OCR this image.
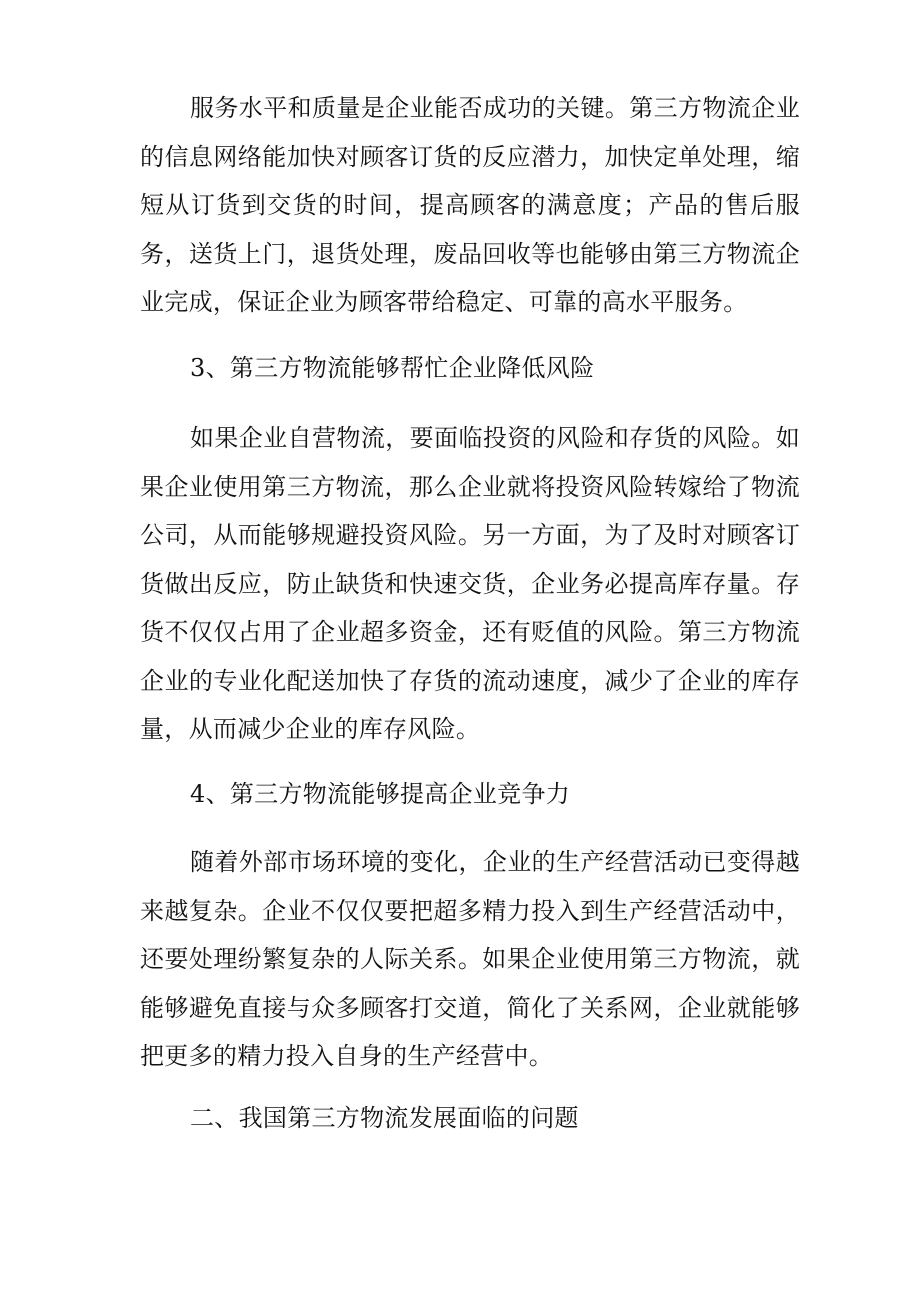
服务水平和质量是企业能否成功的关键。第三方物流企业的信息网络能加快对顾客订货的反应潜力，加快定单处理，缩短从订货到交货的时间，提高顾客的满意度；产品的售后服务，送货上门，退货处理，废品回收等也能够由第三方物流企业完成，保证企业为顾客带给稳定、可靠的高水平服务。

3、第三方物流能够帮忙企业降低风险

如果企业自营物流，要面临投资的风险和存货的风险。如果企业使用第三方物流，那么企业就将投资风险转嫁给了物流公司，从而能够规避投资风险。另一方面，为了及时对顾客订货做出反应，防止缺货和快速交货，企业务必提高库存量。存货不仅仅占用了企业超多资金，还有贬值的风险。第三方物流企业的专业化配送加快了存货的流动速度，减少了企业的库存量，从而减少企业的库存风险。

4、第三方物流能够提高企业竞争力

随着外部市场环境的变化，企业的生产经营活动已变得越来越复杂。企业不仅仅要把超多精力投入到生产经营活动中，还要处理纷繁复杂的人际关系。如果企业使用第三方物流，就能够避免直接与众多顾客打交道，简化了关系网，企业就能够把更多的精力投入自身的生产经营中。

二、我国第三方物流发展面临的问题
